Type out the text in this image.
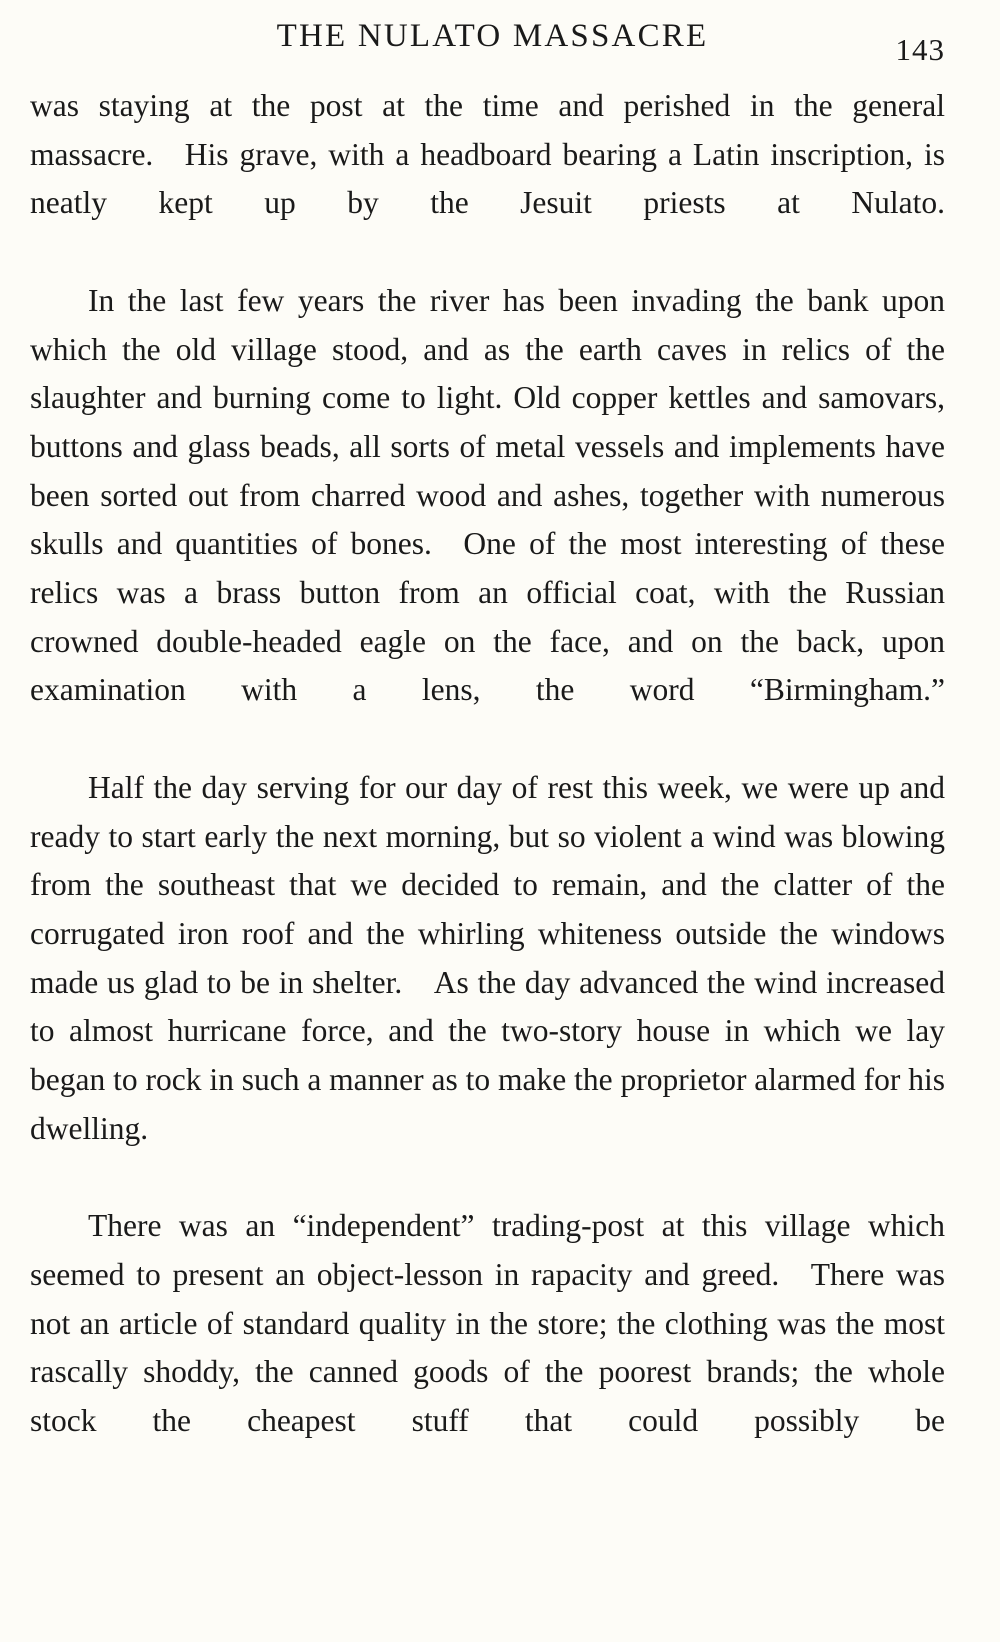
THE NULATO MASSACRE	143

was staying at the post at the time and perished in the general massacre. His grave, with a headboard bearing a Latin inscription, is neatly kept up by the Jesuit priests at Nulato.

In the last few years the river has been invading the bank upon which the old village stood, and as the earth caves in relics of the slaughter and burning come to light. Old copper kettles and samovars, buttons and glass beads, all sorts of metal vessels and implements have been sorted out from charred wood and ashes, together with numerous skulls and quantities of bones. One of the most interesting of these relics was a brass button from an official coat, with the Russian crowned double-headed eagle on the face, and on the back, upon examination with a lens, the word “Birmingham.”

Half the day serving for our day of rest this week, we were up and ready to start early the next morning, but so violent a wind was blowing from the southeast that we decided to remain, and the clatter of the corrugated iron roof and the whirling whiteness outside the windows made us glad to be in shelter. As the day advanced the wind increased to almost hurricane force, and the two-story house in which we lay began to rock in such a manner as to make the proprietor alarmed for his dwelling.

There was an “independent” trading-post at this village which seemed to present an object-lesson in rapacity and greed. There was not an article of standard quality in the store; the clothing was the most rascally shoddy, the canned goods of the poorest brands; the whole stock the cheapest stuff that could possibly be
